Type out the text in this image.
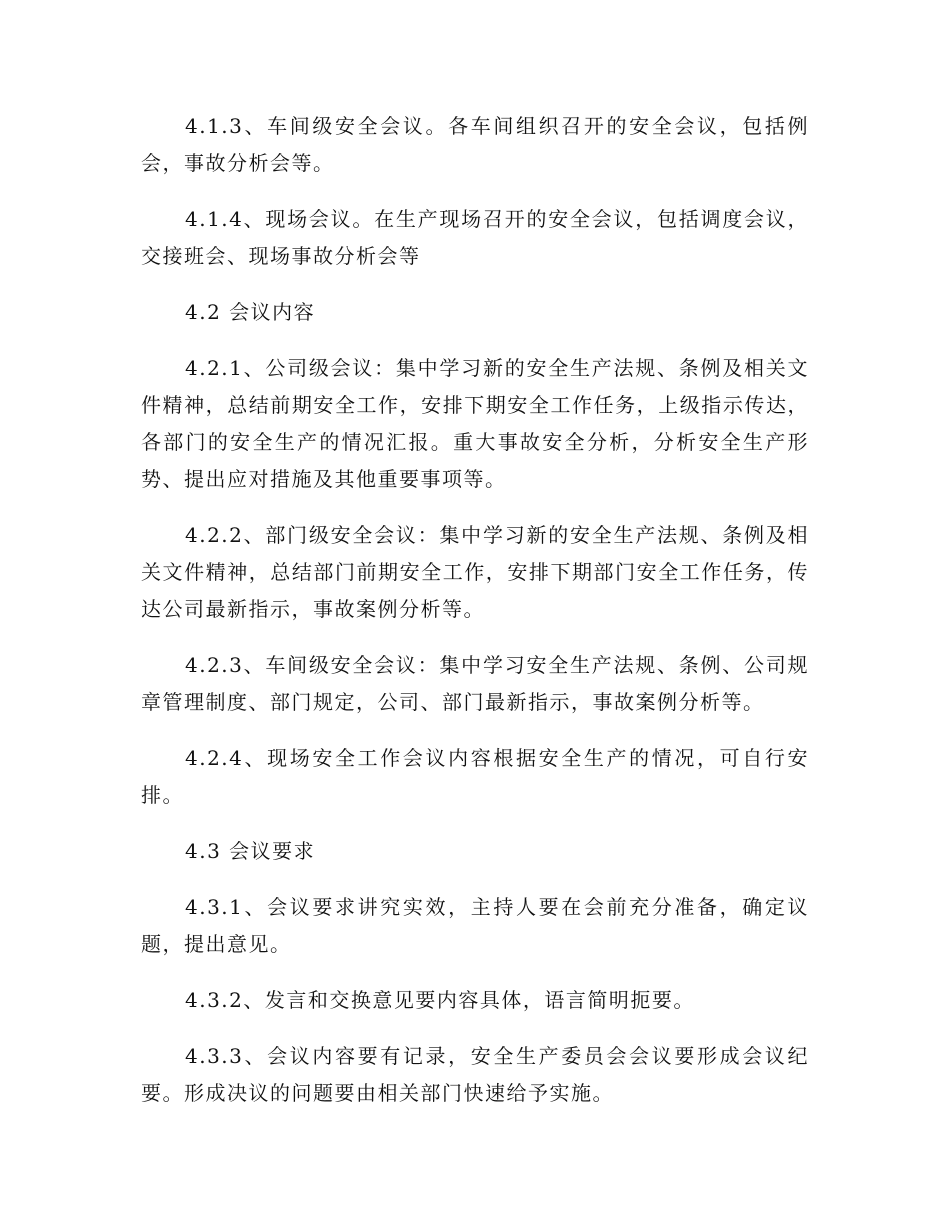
4.1.3、车间级安全会议。各车间组织召开的安全会议，包括例会，事故分析会等。

4.1.4、现场会议。在生产现场召开的安全会议，包括调度会议，交接班会、现场事故分析会等

4.2 会议内容

4.2.1、公司级会议：集中学习新的安全生产法规、条例及相关文件精神，总结前期安全工作，安排下期安全工作任务，上级指示传达，各部门的安全生产的情况汇报。重大事故安全分析，分析安全生产形势、提出应对措施及其他重要事项等。

4.2.2、部门级安全会议：集中学习新的安全生产法规、条例及相关文件精神，总结部门前期安全工作，安排下期部门安全工作任务，传达公司最新指示，事故案例分析等。

4.2.3、车间级安全会议：集中学习安全生产法规、条例、公司规章管理制度、部门规定，公司、部门最新指示，事故案例分析等。

4.2.4、现场安全工作会议内容根据安全生产的情况，可自行安排。

4.3 会议要求

4.3.1、会议要求讲究实效，主持人要在会前充分准备，确定议题，提出意见。

4.3.2、发言和交换意见要内容具体，语言简明扼要。

4.3.3、会议内容要有记录，安全生产委员会会议要形成会议纪要。形成决议的问题要由相关部门快速给予实施。
